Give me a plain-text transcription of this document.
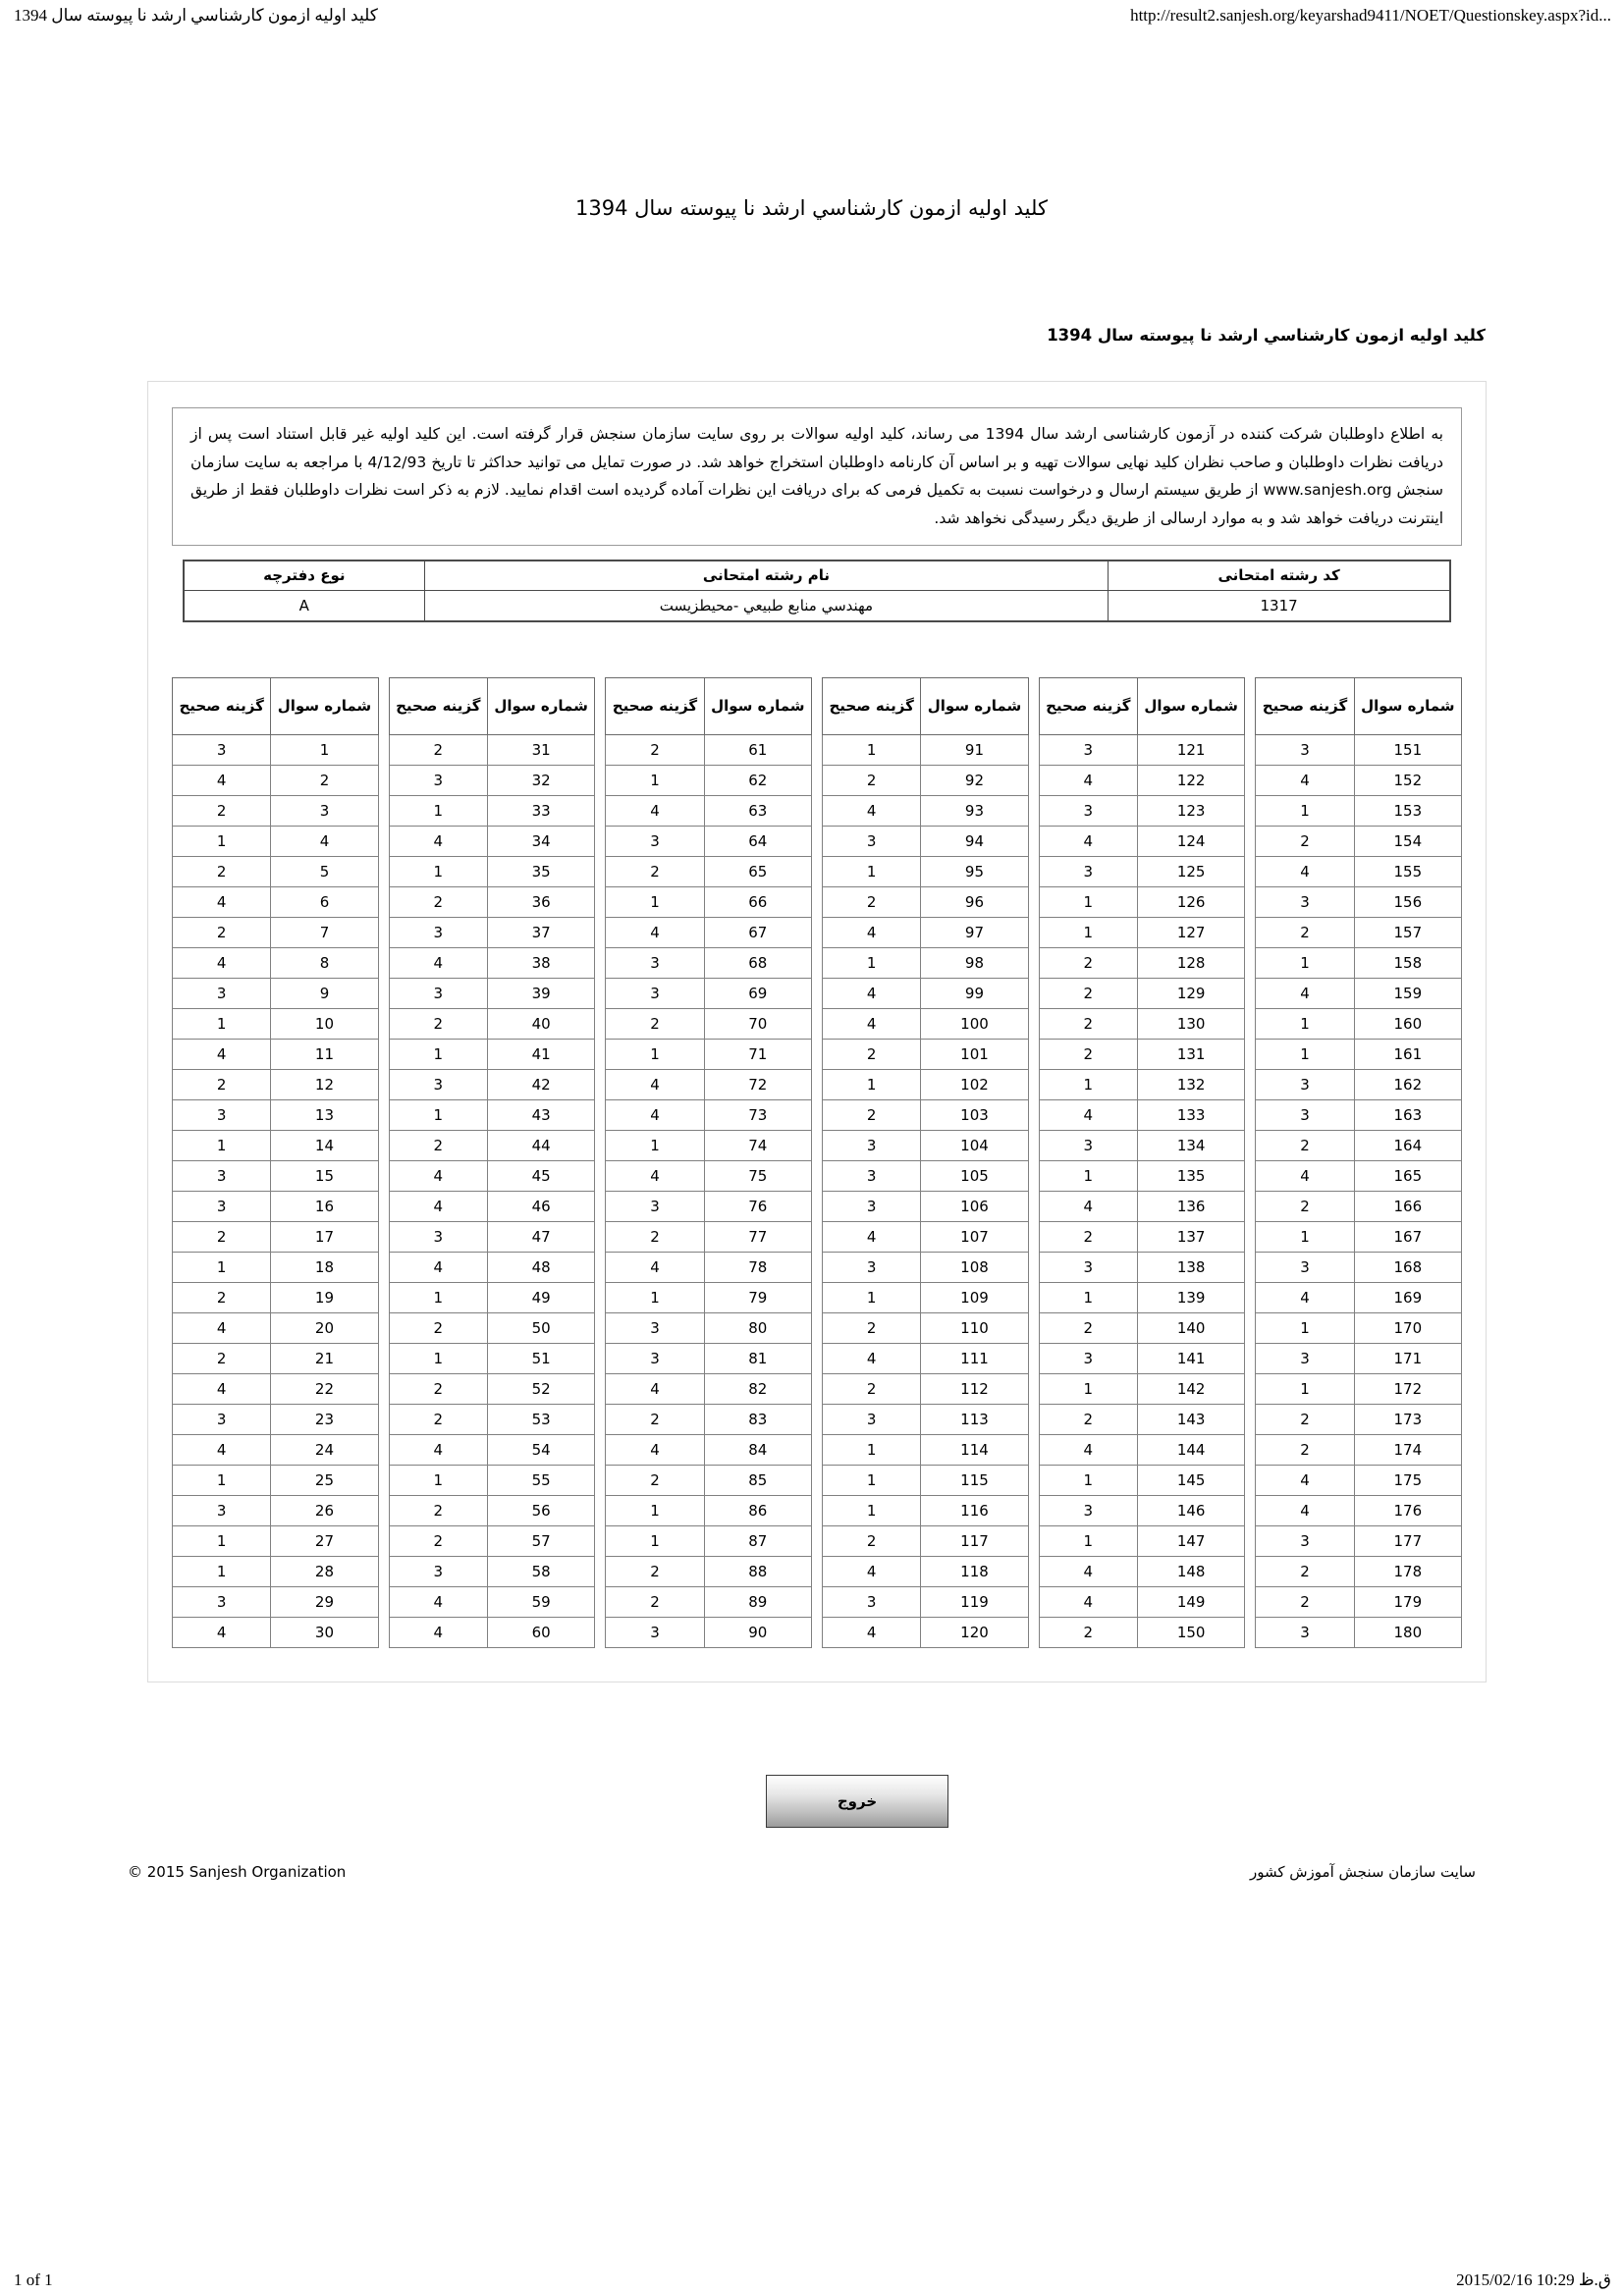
کلید اولیه ازمون کارشناسي ارشد نا پیوسته سال 1394	http://result2.sanjesh.org/keyarshad9411/NOET/Questionskey.aspx?id...
کلید اولیه ازمون کارشناسي ارشد نا پیوسته سال 1394
کلید اولیه ازمون کارشناسي ارشد نا پیوسته سال 1394
به اطلاع داوطلبان شرکت کننده در آزمون کارشناسی ارشد سال 1394 می رساند، کلید اولیه سوالات بر روی سایت سازمان سنجش قرار گرفته است. این کلید اولیه غیر قابل استناد است پس از دریافت نظرات داوطلبان و صاحب نظران کلید نهایی سوالات تهیه و بر اساس آن کارنامه داوطلبان استخراج خواهد شد. در صورت تمایل می توانید حداکثر تا تاریخ 4/12/93 با مراجعه به سایت سازمان سنجش www.sanjesh.org از طریق سیستم ارسال و درخواست نسبت به تکمیل فرمی که برای دریافت این نظرات آماده گردیده است اقدام نمایید. لازم به ذکر است نظرات داوطلبان فقط از طریق اینترنت دریافت خواهد شد و به موارد ارسالی از طریق دیگر رسیدگی نخواهد شد.
کد رشته امتحانی	نام رشته امتحانی	نوع دفترچه
1317	مهندسي منابع طبيعي -محيطزيست	A
شماره سوال	گزینه صحیح
1	3
2	4
3	2
4	1
5	2
6	4
7	2
8	4
9	3
10	1
11	4
12	2
13	3
14	1
15	3
16	3
17	2
18	1
19	2
20	4
21	2
22	4
23	3
24	4
25	1
26	3
27	1
28	1
29	3
30	4
شماره سوال	گزینه صحیح
31	2
32	3
33	1
34	4
35	1
36	2
37	3
38	4
39	3
40	2
41	1
42	3
43	1
44	2
45	4
46	4
47	3
48	4
49	1
50	2
51	1
52	2
53	2
54	4
55	1
56	2
57	2
58	3
59	4
60	4
شماره سوال	گزینه صحیح
61	2
62	1
63	4
64	3
65	2
66	1
67	4
68	3
69	3
70	2
71	1
72	4
73	4
74	1
75	4
76	3
77	2
78	4
79	1
80	3
81	3
82	4
83	2
84	4
85	2
86	1
87	1
88	2
89	2
90	3
شماره سوال	گزینه صحیح
91	1
92	2
93	4
94	3
95	1
96	2
97	4
98	1
99	4
100	4
101	2
102	1
103	2
104	3
105	3
106	3
107	4
108	3
109	1
110	2
111	4
112	2
113	3
114	1
115	1
116	1
117	2
118	4
119	3
120	4
شماره سوال	گزینه صحیح
121	3
122	4
123	3
124	4
125	3
126	1
127	1
128	2
129	2
130	2
131	2
132	1
133	4
134	3
135	1
136	4
137	2
138	3
139	1
140	2
141	3
142	1
143	2
144	4
145	1
146	3
147	1
148	4
149	4
150	2
شماره سوال	گزینه صحیح
151	3
152	4
153	1
154	2
155	4
156	3
157	2
158	1
159	4
160	1
161	1
162	3
163	3
164	2
165	4
166	2
167	1
168	3
169	4
170	1
171	3
172	1
173	2
174	2
175	4
176	4
177	3
178	2
179	2
180	3
خروج
© 2015 Sanjesh Organization	سایت سازمان سنجش آموزش کشور
1 of 1	2015/02/16 10:29 ق.ظ
